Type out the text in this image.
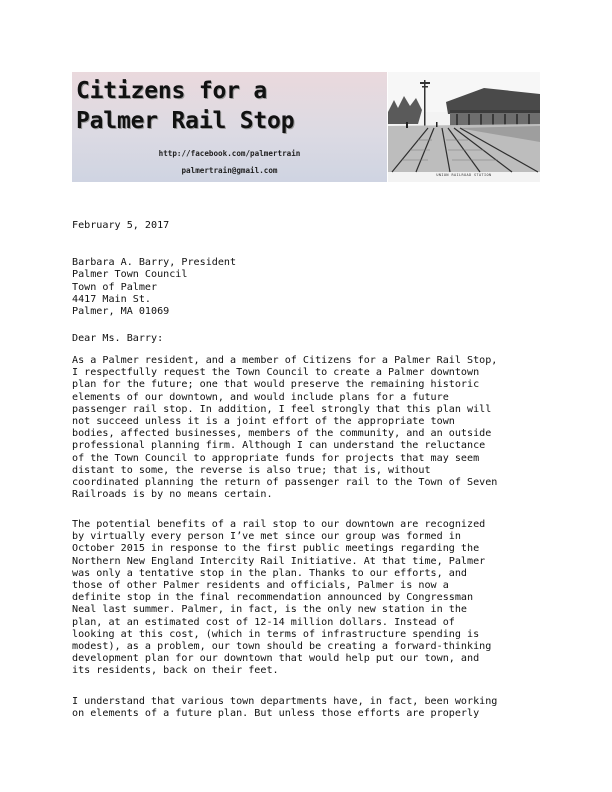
Citizens for a
Palmer Rail Stop
http://facebook.com/palmertrain
palmertrain@gmail.com	UNION RAILROAD STATION
February 5, 2017
Barbara A. Barry, President
Palmer Town Council
Town of Palmer
4417 Main St.
Palmer, MA 01069
Dear Ms. Barry:
As a Palmer resident, and a member of Citizens for a Palmer Rail Stop,
I respectfully request the Town Council to create a Palmer downtown
plan for the future; one that would preserve the remaining historic
elements of our downtown, and would include plans for a future
passenger rail stop. In addition, I feel strongly that this plan will
not succeed unless it is a joint effort of the appropriate town
bodies, affected businesses, members of the community, and an outside
professional planning firm. Although I can understand the reluctance
of the Town Council to appropriate funds for projects that may seem
distant to some, the reverse is also true; that is, without
coordinated planning the return of passenger rail to the Town of Seven
Railroads is by no means certain.
The potential benefits of a rail stop to our downtown are recognized
by virtually every person I’ve met since our group was formed in
October 2015 in response to the first public meetings regarding the
Northern New England Intercity Rail Initiative. At that time, Palmer
was only a tentative stop in the plan. Thanks to our efforts, and
those of other Palmer residents and officials, Palmer is now a
definite stop in the final recommendation announced by Congressman
Neal last summer. Palmer, in fact, is the only new station in the
plan, at an estimated cost of 12-14 million dollars. Instead of
looking at this cost, (which in terms of infrastructure spending is
modest), as a problem, our town should be creating a forward-thinking
development plan for our downtown that would help put our town, and
its residents, back on their feet.
I understand that various town departments have, in fact, been working
on elements of a future plan. But unless those efforts are properly
